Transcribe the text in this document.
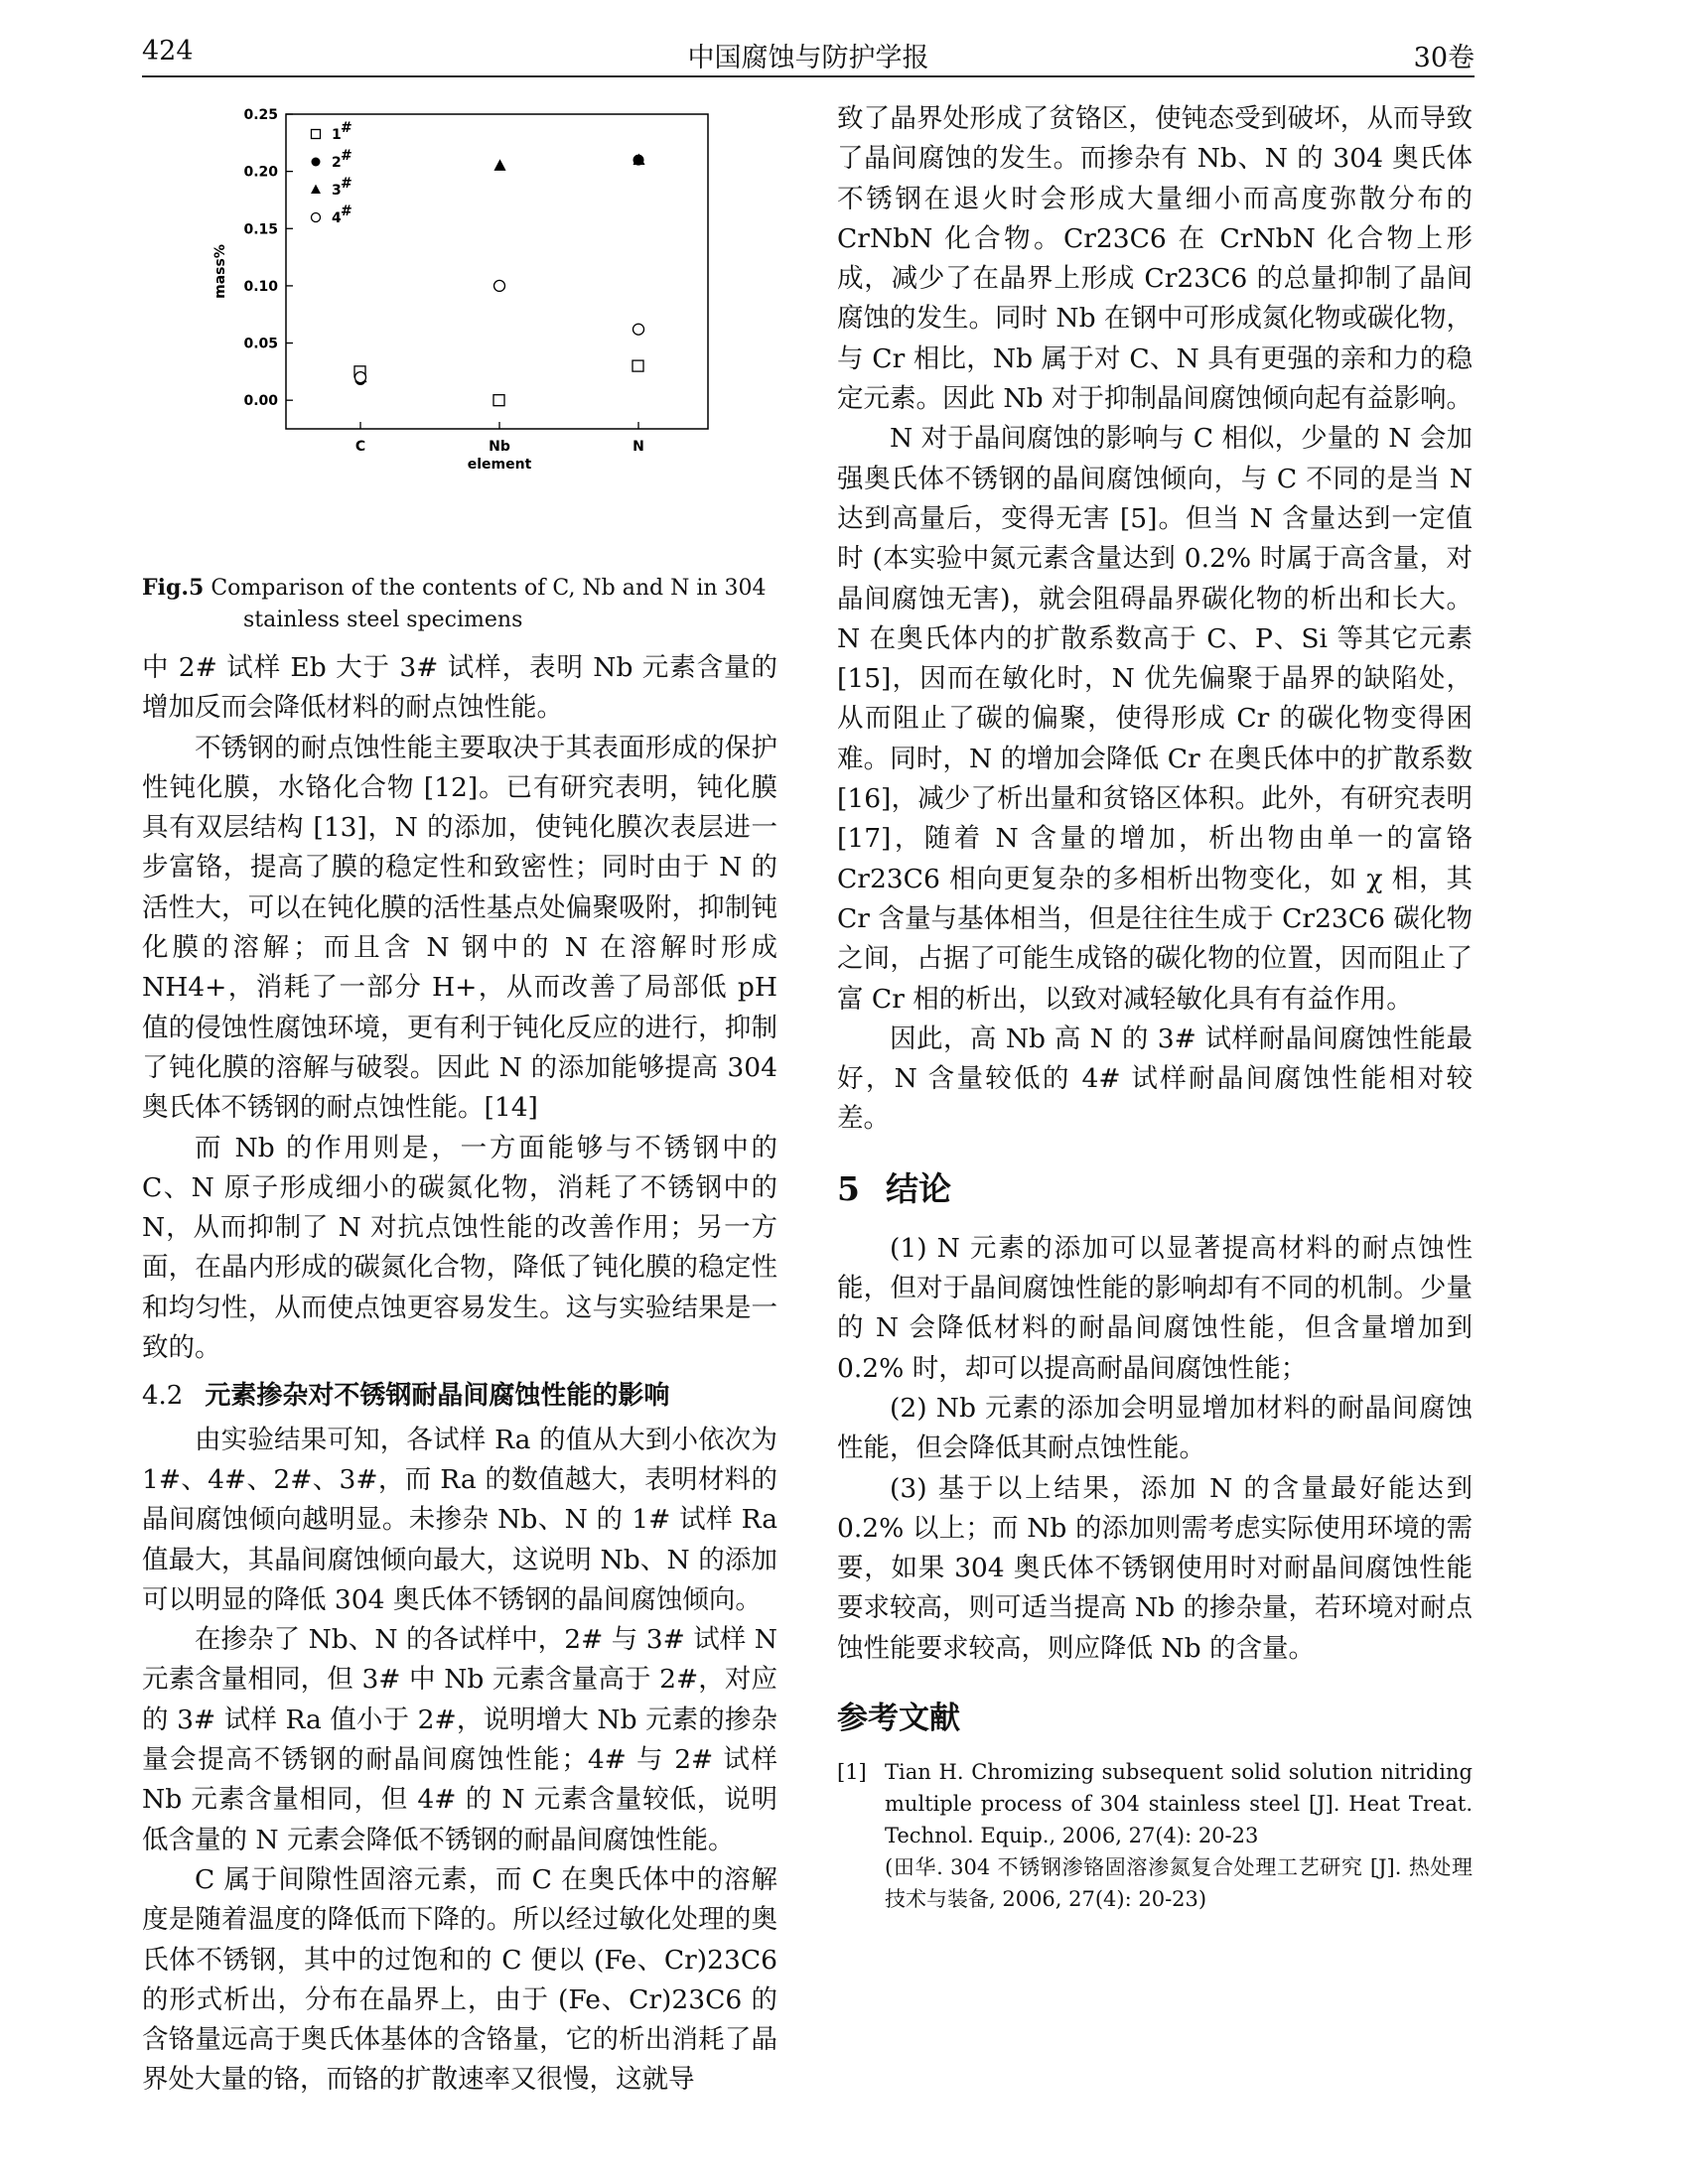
424	中国腐蚀与防护学报	30卷
0.00
0.05
0.10
0.15
0.20
0.25
C	Nb	N
element
mass%
1 #
2 #
3 #
4 #
Fig.5 Comparison of the contents of C, Nb and N in 304
stainless steel specimens

中 2# 试样 Eb 大于 3# 试样，表明 Nb 元素含量的增加反而会降低材料的耐点蚀性能。

不锈钢的耐点蚀性能主要取决于其表面形成的保护性钝化膜，水铬化合物 [12]。已有研究表明，钝化膜具有双层结构 [13]，N 的添加，使钝化膜次表层进一步富铬，提高了膜的稳定性和致密性；同时由于 N 的活性大，可以在钝化膜的活性基点处偏聚吸附，抑制钝化膜的溶解；而且含 N 钢中的 N 在溶解时形成 NH4+，消耗了一部分 H+，从而改善了局部低 pH 值的侵蚀性腐蚀环境，更有利于钝化反应的进行，抑制了钝化膜的溶解与破裂。因此 N 的添加能够提高 304 奥氏体不锈钢的耐点蚀性能。[14]

而 Nb 的作用则是，一方面能够与不锈钢中的 C、N 原子形成细小的碳氮化物，消耗了不锈钢中的 N，从而抑制了 N 对抗点蚀性能的改善作用；另一方面，在晶内形成的碳氮化合物，降低了钝化膜的稳定性和均匀性，从而使点蚀更容易发生。这与实验结果是一致的。

4.2 元素掺杂对不锈钢耐晶间腐蚀性能的影响

由实验结果可知，各试样 Ra 的值从大到小依次为 1#、4#、2#、3#，而 Ra 的数值越大，表明材料的晶间腐蚀倾向越明显。未掺杂 Nb、N 的 1# 试样 Ra 值最大，其晶间腐蚀倾向最大，这说明 Nb、N 的添加可以明显的降低 304 奥氏体不锈钢的晶间腐蚀倾向。

在掺杂了 Nb、N 的各试样中，2# 与 3# 试样 N 元素含量相同，但 3# 中 Nb 元素含量高于 2#，对应的 3# 试样 Ra 值小于 2#，说明增大 Nb 元素的掺杂量会提高不锈钢的耐晶间腐蚀性能；4# 与 2# 试样 Nb 元素含量相同，但 4# 的 N 元素含量较低，说明低含量的 N 元素会降低不锈钢的耐晶间腐蚀性能。

C 属于间隙性固溶元素，而 C 在奥氏体中的溶解度是随着温度的降低而下降的。所以经过敏化处理的奥氏体不锈钢，其中的过饱和的 C 便以 (Fe、Cr)23C6 的形式析出，分布在晶界上，由于 (Fe、Cr)23C6 的含铬量远高于奥氏体基体的含铬量，它的析出消耗了晶界处大量的铬，而铬的扩散速率又很慢，这就导

致了晶界处形成了贫铬区，使钝态受到破坏，从而导致了晶间腐蚀的发生。而掺杂有 Nb、N 的 304 奥氏体不锈钢在退火时会形成大量细小而高度弥散分布的 CrNbN 化合物。Cr23C6 在 CrNbN 化合物上形成，减少了在晶界上形成 Cr23C6 的总量抑制了晶间腐蚀的发生。同时 Nb 在钢中可形成氮化物或碳化物，与 Cr 相比，Nb 属于对 C、N 具有更强的亲和力的稳定元素。因此 Nb 对于抑制晶间腐蚀倾向起有益影响。

N 对于晶间腐蚀的影响与 C 相似，少量的 N 会加强奥氏体不锈钢的晶间腐蚀倾向，与 C 不同的是当 N 达到高量后，变得无害 [5]。但当 N 含量达到一定值时 (本实验中氮元素含量达到 0.2% 时属于高含量，对晶间腐蚀无害)，就会阻碍晶界碳化物的析出和长大。N 在奥氏体内的扩散系数高于 C、P、Si 等其它元素 [15]，因而在敏化时，N 优先偏聚于晶界的缺陷处，从而阻止了碳的偏聚，使得形成 Cr 的碳化物变得困难。同时，N 的增加会降低 Cr 在奥氏体中的扩散系数 [16]，减少了析出量和贫铬区体积。此外，有研究表明 [17]，随着 N 含量的增加，析出物由单一的富铬 Cr23C6 相向更复杂的多相析出物变化，如 χ 相，其 Cr 含量与基体相当，但是往往生成于 Cr23C6 碳化物之间，占据了可能生成铬的碳化物的位置，因而阻止了富 Cr 相的析出，以致对减轻敏化具有有益作用。

因此，高 Nb 高 N 的 3# 试样耐晶间腐蚀性能最好，N 含量较低的 4# 试样耐晶间腐蚀性能相对较差。

5 结论

(1) N 元素的添加可以显著提高材料的耐点蚀性能，但对于晶间腐蚀性能的影响却有不同的机制。少量的 N 会降低材料的耐晶间腐蚀性能，但含量增加到 0.2% 时，却可以提高耐晶间腐蚀性能；

(2) Nb 元素的添加会明显增加材料的耐晶间腐蚀性能，但会降低其耐点蚀性能。

(3) 基于以上结果，添加 N 的含量最好能达到 0.2% 以上；而 Nb 的添加则需考虑实际使用环境的需要，如果 304 奥氏体不锈钢使用时对耐晶间腐蚀性能要求较高，则可适当提高 Nb 的掺杂量，若环境对耐点蚀性能要求较高，则应降低 Nb 的含量。

参考文献
[1] Tian H. Chromizing subsequent solid solution nitriding multiple process of 304 stainless steel [J]. Heat Treat. Technol. Equip., 2006, 27(4): 20-23
(田华. 304 不锈钢渗铬固溶渗氮复合处理工艺研究 [J]. 热处理技术与装备, 2006, 27(4): 20-23)
